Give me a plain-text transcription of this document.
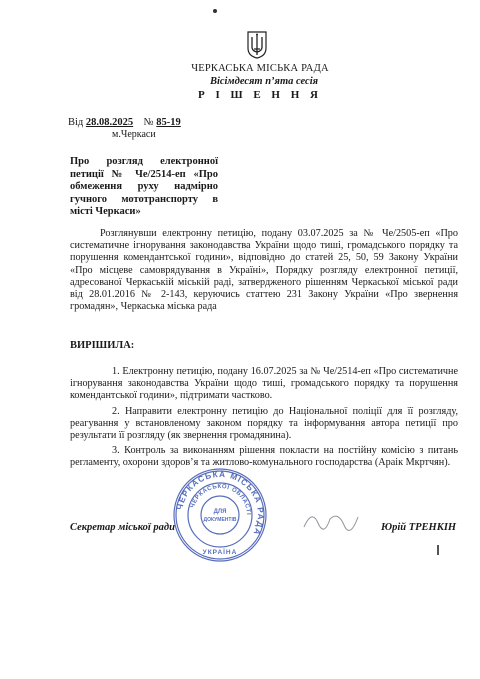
ЧЕРКАСЬКА МІСЬКА РАДА
Вісімдесят п’ята сесія
Р І Ш Е Н Н Я
Від 28.08.2025 № 85-19
м.Черкаси
Про розгляд електронної петиції № Че/2514-еп «Про обмеження руху надмірно гучного мототранспорту в місті Черкаси»
Розглянувши електронну петицію, подану 03.07.2025 за № Че/2505-еп «Про систематичне ігнорування законодавства України щодо тиші, громадського порядку та порушення комендантської години», відповідно до статей 25, 50, 59 Закону України «Про місцеве самоврядування в Україні», Порядку розгляду електронної петиції, адресованої Черкаській міській раді, затвердженого рішенням Черкаської міської ради від 28.01.2016 № 2-143, керуючись статтею 231 Закону України «Про звернення громадян», Черкаська міська рада
ВИРІШИЛА:
1. Електронну петицію, подану 16.07.2025 за № Че/2514-еп «Про систематичне ігнорування законодавства України щодо тиші, громадського порядку та порушення комендантської години», підтримати частково.
2. Направити електронну петицію до Національної поліції для її розгляду, реагування у встановленому законом порядку та інформування автора петиції про результати її розгляду (як звернення громадянина).
3. Контроль за виконанням рішення покласти на постійну комісію з питань регламенту, охорони здоров’я та житлово-комунального господарства (Араік Мкртчян).
ЧЕРКАСЬКА МІСЬКА РАДА
ЧЕРКАСЬКОЇ ОБЛАСТІ
ДЛЯ
ДОКУМЕНТІВ
УКРАЇНА
Секретар міської ради	Юрій ТРЕНКІН
